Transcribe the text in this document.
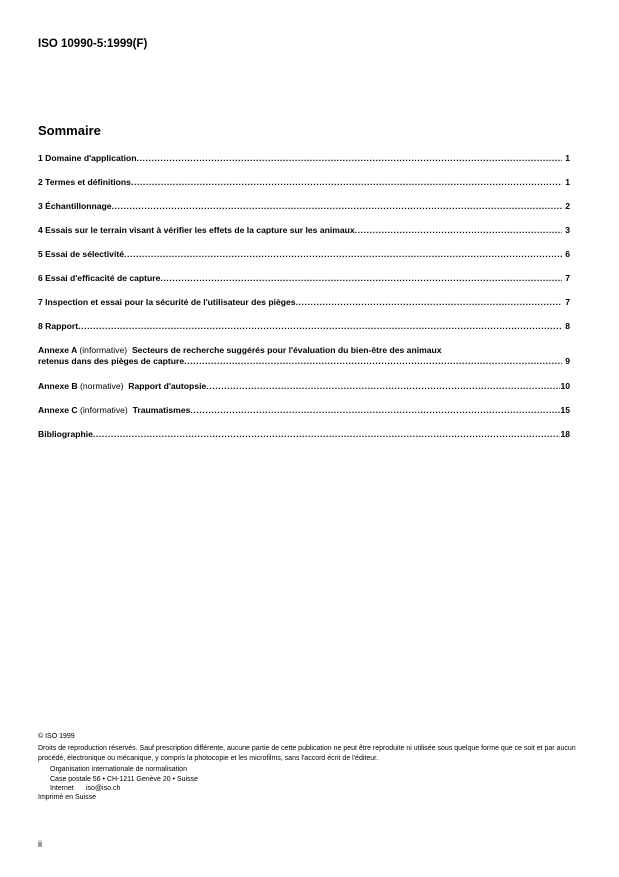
ISO 10990-5:1999(F)
Sommaire
1 Domaine d'application .....	1
2 Termes et définitions .....	1
3 Échantillonnage .....	2
4 Essais sur le terrain visant à vérifier les effets de la capture sur les animaux .....	3
5 Essai de sélectivité .....	6
6 Essai d'efficacité de capture .....	7
7 Inspection et essai pour la sécurité de l'utilisateur des pièges .....	7
8 Rapport .....	8
Annexe A (informative) Secteurs de recherche suggérés pour l'évaluation du bien-être des animaux
retenus dans des pièges de capture .....	9
Annexe B (normative) Rapport d'autopsie .....	10
Annexe C (informative) Traumatismes .....	15
Bibliographie .....	18
© ISO 1999
Droits de reproduction réservés. Sauf prescription différente, aucune partie de cette publication ne peut être reproduite ni utilisée sous quelque forme que ce soit et par aucun procédé, électronique ou mécanique, y compris la photocopie et les microfilms, sans l'accord écrit de l'éditeur.
Organisation internationale de normalisation
Case postale 56 • CH-1211 Genève 20 • Suisse
Internet iso@iso.ch
Imprimé en Suisse
ii
